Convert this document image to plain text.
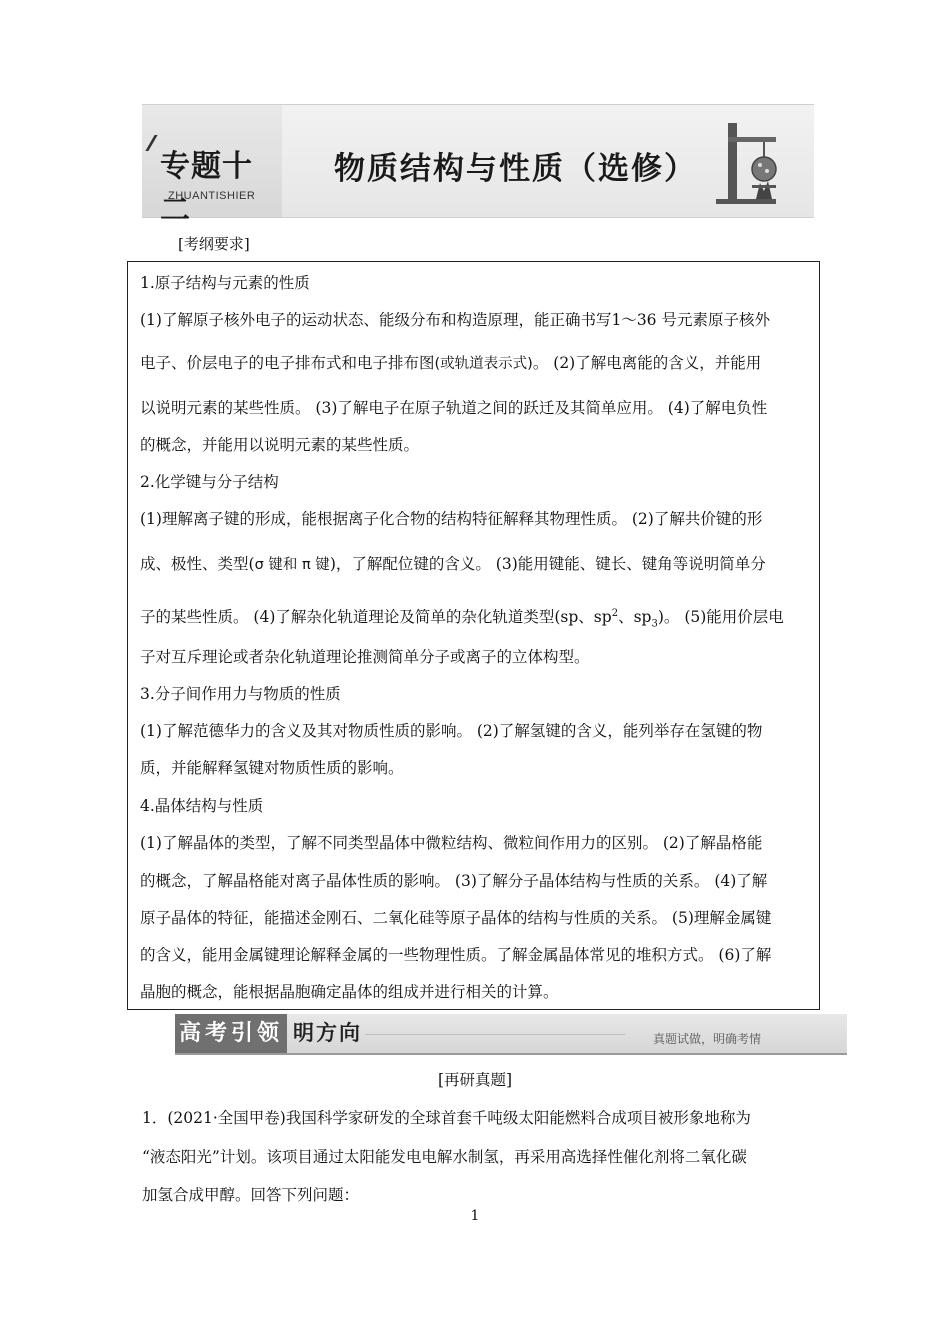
专题十二
ZHUANTISHIER
物质结构与性质（选修）
[考纲要求]
1.原子结构与元素的性质
(1)了解原子核外电子的运动状态、能级分布和构造原理，能正确书写1～36 号元素原子核外
电子、价层电子的电子排布式和电子排布图(或轨道表示式)。 (2)了解电离能的含义，并能用
以说明元素的某些性质。 (3)了解电子在原子轨道之间的跃迁及其简单应用。 (4)了解电负性
的概念，并能用以说明元素的某些性质。
2.化学键与分子结构
(1)理解离子键的形成，能根据离子化合物的结构特征解释其物理性质。 (2)了解共价键的形
成、极性、类型(σ 键和 π 键)，了解配位键的含义。 (3)能用键能、键长、键角等说明简单分
子的某些性质。 (4)了解杂化轨道理论及简单的杂化轨道类型(sp、$sp^2$、$sp_3$)。 (5)能用价层电
子对互斥理论或者杂化轨道理论推测简单分子或离子的立体构型。
3.分子间作用力与物质的性质
(1)了解范德华力的含义及其对物质性质的影响。 (2)了解氢键的含义，能列举存在氢键的物
质，并能解释氢键对物质性质的影响。
4.晶体结构与性质
(1)了解晶体的类型，了解不同类型晶体中微粒结构、微粒间作用力的区别。 (2)了解晶格能
的概念，了解晶格能对离子晶体性质的影响。 (3)了解分子晶体结构与性质的关系。 (4)了解
原子晶体的特征，能描述金刚石、二氧化硅等原子晶体的结构与性质的关系。 (5)理解金属键
的含义，能用金属键理论解释金属的一些物理性质。了解金属晶体常见的堆积方式。 (6)了解
晶胞的概念，能根据晶胞确定晶体的组成并进行相关的计算。
高考引领 明方向	真题试做，明确考情
[再研真题]
1．(2021·全国甲卷)我国科学家研发的全球首套千吨级太阳能燃料合成项目被形象地称为
“液态阳光”计划。该项目通过太阳能发电电解水制氢，再采用高选择性催化剂将二氧化碳
加氢合成甲醇。回答下列问题：
1
